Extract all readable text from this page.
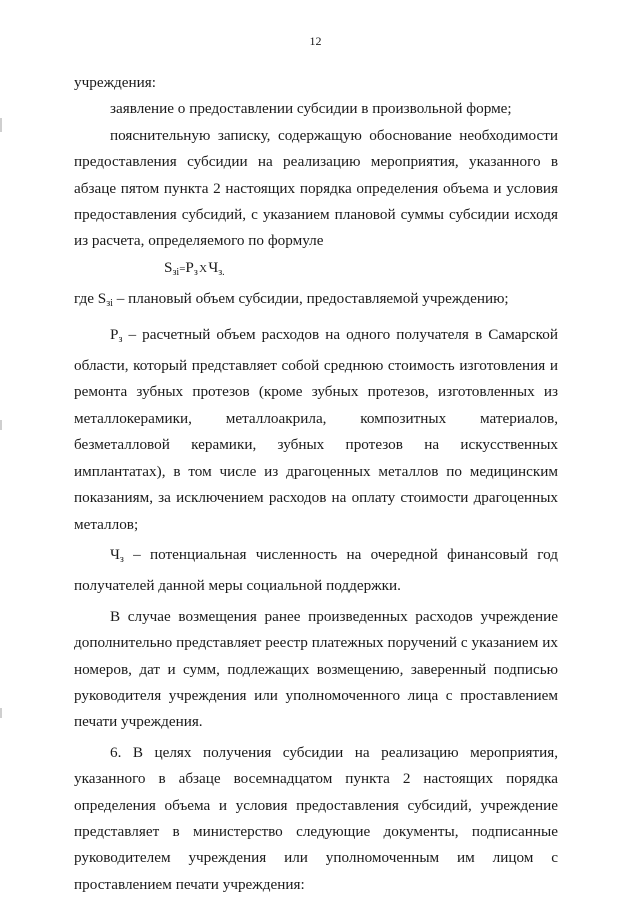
12

учреждения:

заявление о предоставлении субсидии в произвольной форме;

пояснительную записку, содержащую обоснование необходимости предоставления субсидии на реализацию мероприятия, указанного в абзаце пятом пункта 2 настоящих порядка определения объема и условия предоставления субсидий, с указанием плановой суммы субсидии исходя

из расчета, определяемого по формуле

$S_{зi}=P_з$ X $Ч_{з.}$

где $S_{зi}$ – плановый объем субсидии, предоставляемой учреждению;

$Р_з$ – расчетный объем расходов на одного получателя в Самарской области, который представляет собой среднюю стоимость изготовления и ремонта зубных протезов (кроме зубных протезов, изготовленных из металлокерамики, металлоакрила, композитных материалов, безметалловой керамики, зубных протезов на искусственных имплантатах), в том числе из драгоценных металлов по медицинским показаниям, за исключением расходов на оплату стоимости драгоценных

металлов;

$Ч_з$ – потенциальная численность на очередной финансовый год

получателей данной меры социальной поддержки.

В случае возмещения ранее произведенных расходов учреждение дополнительно представляет реестр платежных поручений с указанием их номеров, дат и сумм, подлежащих возмещению, заверенный подписью руководителя учреждения или уполномоченного лица с проставлением

печати учреждения.

6. В целях получения субсидии на реализацию мероприятия, указанного в абзаце восемнадцатом пункта 2 настоящих порядка определения объема и условия предоставления субсидий, учреждение представляет в министерство следующие документы, подписанные руководителем учреждения или уполномоченным им лицом с

проставлением печати учреждения:
